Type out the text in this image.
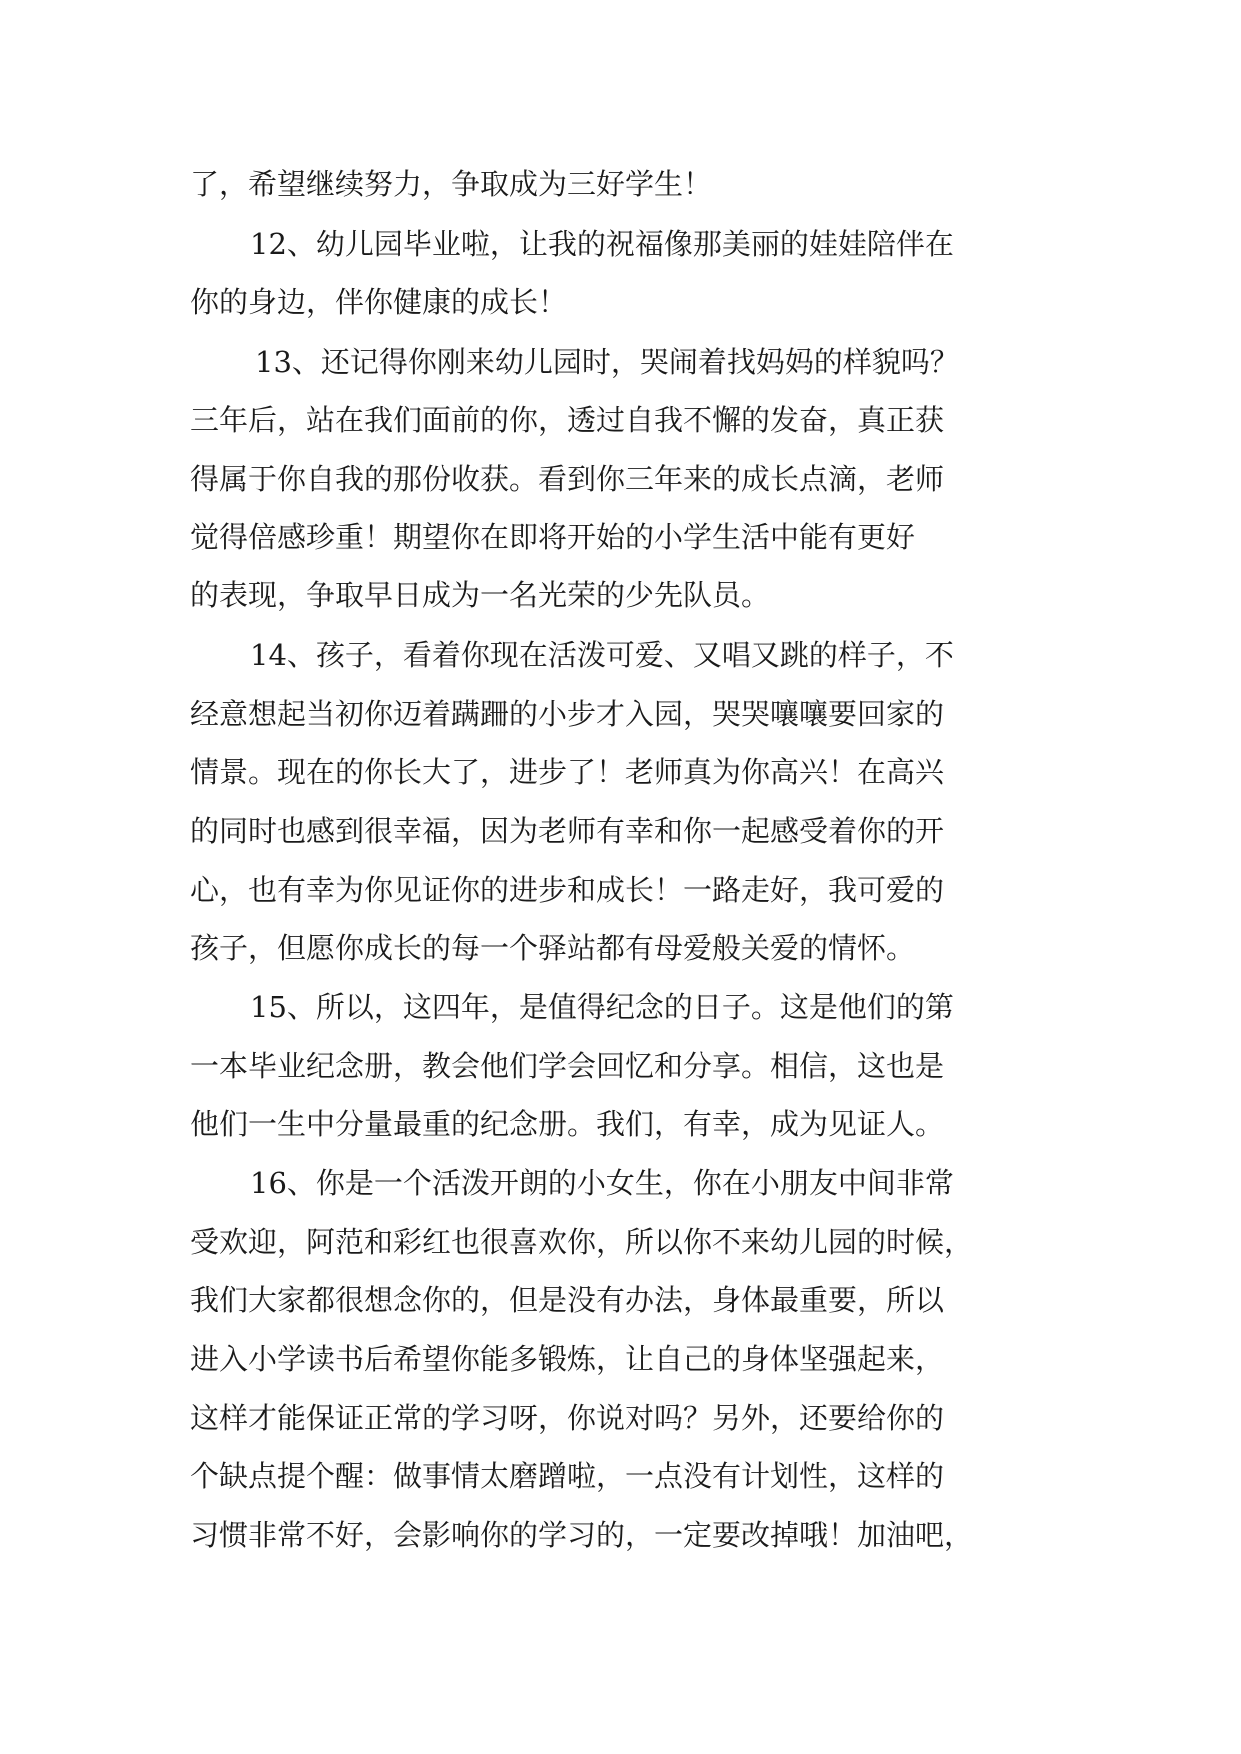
了，希望继续努力，争取成为三好学生！
12、幼儿园毕业啦，让我的祝福像那美丽的娃娃陪伴在
你的身边，伴你健康的成长！
13、还记得你刚来幼儿园时，哭闹着找妈妈的样貌吗？
三年后，站在我们面前的你，透过自我不懈的发奋，真正获
得属于你自我的那份收获。看到你三年来的成长点滴，老师
觉得倍感珍重！期望你在即将开始的小学生活中能有更好
的表现，争取早日成为一名光荣的少先队员。
14、孩子，看着你现在活泼可爱、又唱又跳的样子，不
经意想起当初你迈着蹒跚的小步才入园，哭哭嚷嚷要回家的
情景。现在的你长大了，进步了！老师真为你高兴！在高兴
的同时也感到很幸福，因为老师有幸和你一起感受着你的开
心，也有幸为你见证你的进步和成长！一路走好，我可爱的
孩子，但愿你成长的每一个驿站都有母爱般关爱的情怀。
15、所以，这四年，是值得纪念的日子。这是他们的第
一本毕业纪念册，教会他们学会回忆和分享。相信，这也是
他们一生中分量最重的纪念册。我们，有幸，成为见证人。
16、你是一个活泼开朗的小女生，你在小朋友中间非常
受欢迎，阿范和彩红也很喜欢你，所以你不来幼儿园的时候，
我们大家都很想念你的，但是没有办法，身体最重要，所以
进入小学读书后希望你能多锻炼，让自己的身体坚强起来，
这样才能保证正常的学习呀，你说对吗？另外，还要给你的
个缺点提个醒：做事情太磨蹭啦，一点没有计划性，这样的
习惯非常不好，会影响你的学习的，一定要改掉哦！加油吧，
